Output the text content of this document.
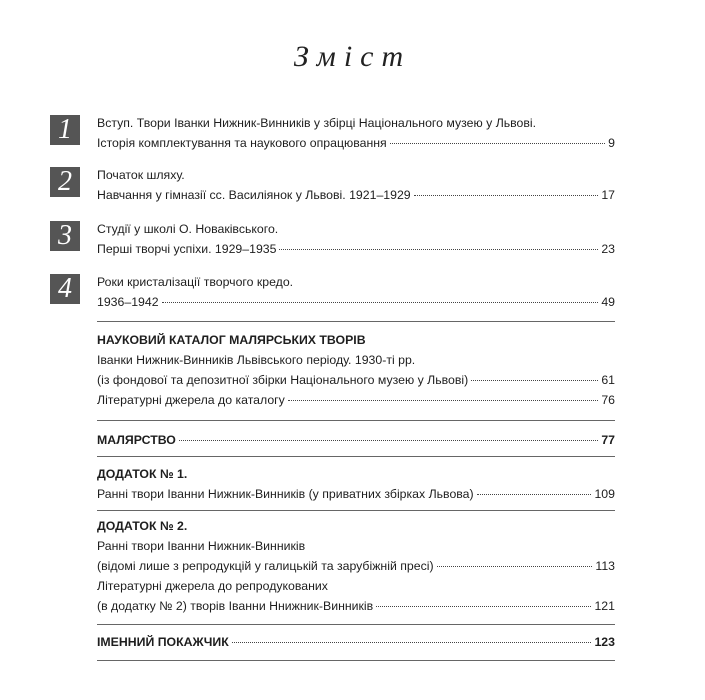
Зміст
1	Вступ. Твори Іванки Нижник-Винників у збірці Національного музею у Львові.
Історія комплектування та наукового опрацювання	9
2	Початок шляху.
Навчання у гімназії сс. Василіянок у Львові. 1921–1929	17
3	Студії у школі О. Новаківського.
Перші творчі успіхи. 1929–1935	23
4	Роки кристалізації творчого кредо.
1936–1942	49
НАУКОВИЙ КАТАЛОГ МАЛЯРСЬКИХ ТВОРІВ
Іванки Нижник-Винників Львівського періоду. 1930-ті рр.
(із фондової та депозитної збірки Національного музею у Львові)	61
Літературні джерела до каталогу	76
МАЛЯРСТВО	77
ДОДАТОК № 1.
Ранні твори Іванни Нижник-Винників (у приватних збірках Львова)	109
ДОДАТОК № 2.
Ранні твори Іванни Нижник-Винників
(відомі лише з репродукцій у галицькій та зарубіжній пресі)	113
Літературні джерела до репродукованих
(в додатку № 2) творів Іванни Ннижник-Винників	121
ІМЕННИЙ ПОКАЖЧИК	123
